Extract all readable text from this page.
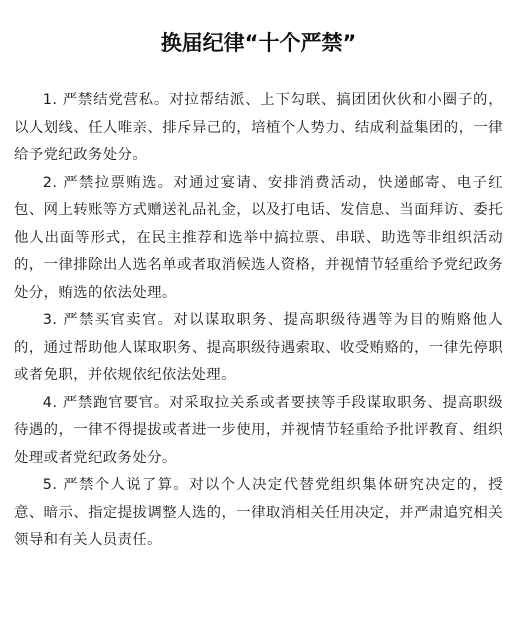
换届纪律“十个严禁”

1. 严禁结党营私。对拉帮结派、上下勾联、搞团团伙伙和小圈子的，以人划线、任人唯亲、排斥异己的，培植个人势力、结成利益集团的，一律给予党纪政务处分。

2. 严禁拉票贿选。对通过宴请、安排消费活动，快递邮寄、电子红包、网上转账等方式赠送礼品礼金，以及打电话、发信息、当面拜访、委托他人出面等形式，在民主推荐和选举中搞拉票、串联、助选等非组织活动的，一律排除出人选名单或者取消候选人资格，并视情节轻重给予党纪政务处分，贿选的依法处理。

3. 严禁买官卖官。对以谋取职务、提高职级待遇等为目的贿赂他人的，通过帮助他人谋取职务、提高职级待遇索取、收受贿赂的，一律先停职或者免职，并依规依纪依法处理。

4. 严禁跑官要官。对采取拉关系或者要挟等手段谋取职务、提高职级待遇的，一律不得提拔或者进一步使用，并视情节轻重给予批评教育、组织处理或者党纪政务处分。

5. 严禁个人说了算。对以个人决定代替党组织集体研究决定的，授意、暗示、指定提拔调整人选的，一律取消相关任用决定，并严肃追究相关领导和有关人员责任。
